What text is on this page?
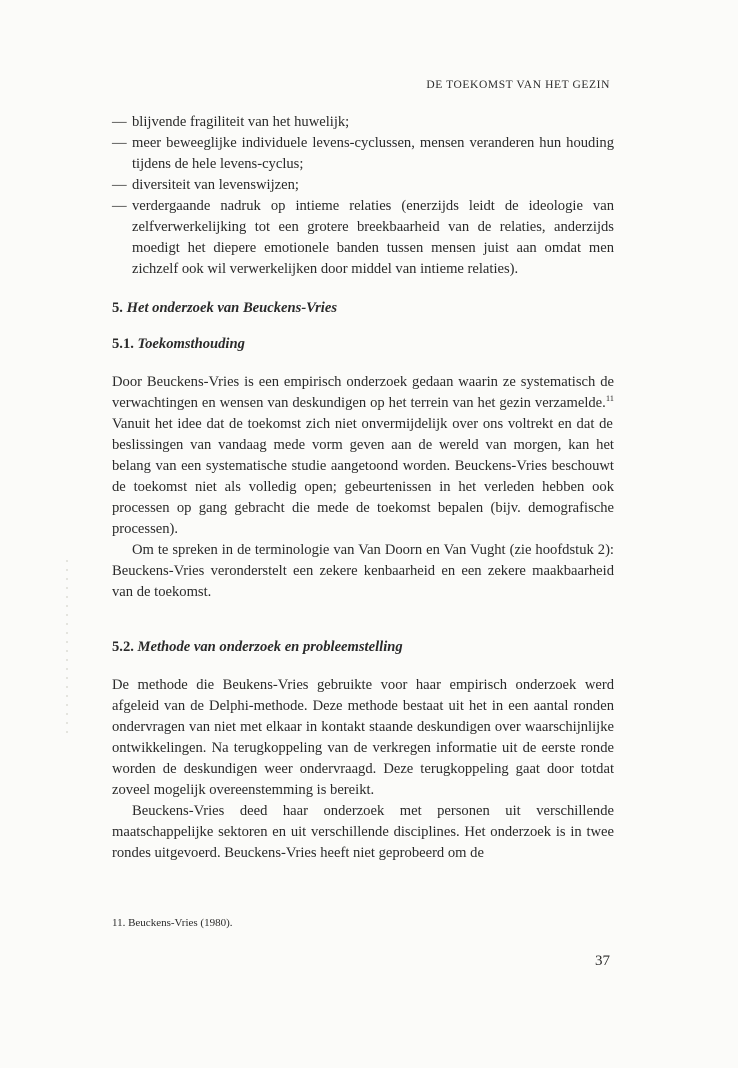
DE TOEKOMST VAN HET GEZIN
— blijvende fragiliteit van het huwelijk;
— meer beweeglijke individuele levens-cyclussen, mensen veranderen hun houding tijdens de hele levens-cyclus;
— diversiteit van levenswijzen;
— verdergaande nadruk op intieme relaties (enerzijds leidt de ideologie van zelfverwerkelijking tot een grotere breekbaarheid van de relaties, anderzijds moedigt het diepere emotionele banden tussen mensen juist aan omdat men zichzelf ook wil verwerkelijken door middel van intieme relaties).
5. Het onderzoek van Beuckens-Vries
5.1. Toekomsthouding

Door Beuckens-Vries is een empirisch onderzoek gedaan waarin ze systematisch de verwachtingen en wensen van deskundigen op het terrein van het gezin verzamelde.$^{11}$ Vanuit het idee dat de toekomst zich niet onvermijdelijk over ons voltrekt en dat de beslissingen van vandaag mede vorm geven aan de wereld van morgen, kan het belang van een systematische studie aangetoond worden. Beuckens-Vries beschouwt de toekomst niet als volledig open; gebeurtenissen in het verleden hebben ook processen op gang gebracht die mede de toekomst bepalen (bijv. demografische processen).

Om te spreken in de terminologie van Van Doorn en Van Vught (zie hoofdstuk 2): Beuckens-Vries veronderstelt een zekere kenbaarheid en een zekere maakbaarheid van de toekomst.

5.2. Methode van onderzoek en probleemstelling

De methode die Beukens-Vries gebruikte voor haar empirisch onderzoek werd afgeleid van de Delphi-methode. Deze methode bestaat uit het in een aantal ronden ondervragen van niet met elkaar in kontakt staande deskundigen over waarschijnlijke ontwikkelingen. Na terugkoppeling van de verkregen informatie uit de eerste ronde worden de deskundigen weer ondervraagd. Deze terugkoppeling gaat door totdat zoveel mogelijk overeenstemming is bereikt.

Beuckens-Vries deed haar onderzoek met personen uit verschillende maatschappelijke sektoren en uit verschillende disciplines. Het onderzoek is in twee rondes uitgevoerd. Beuckens-Vries heeft niet geprobeerd om de

11. Beuckens-Vries (1980).
37
